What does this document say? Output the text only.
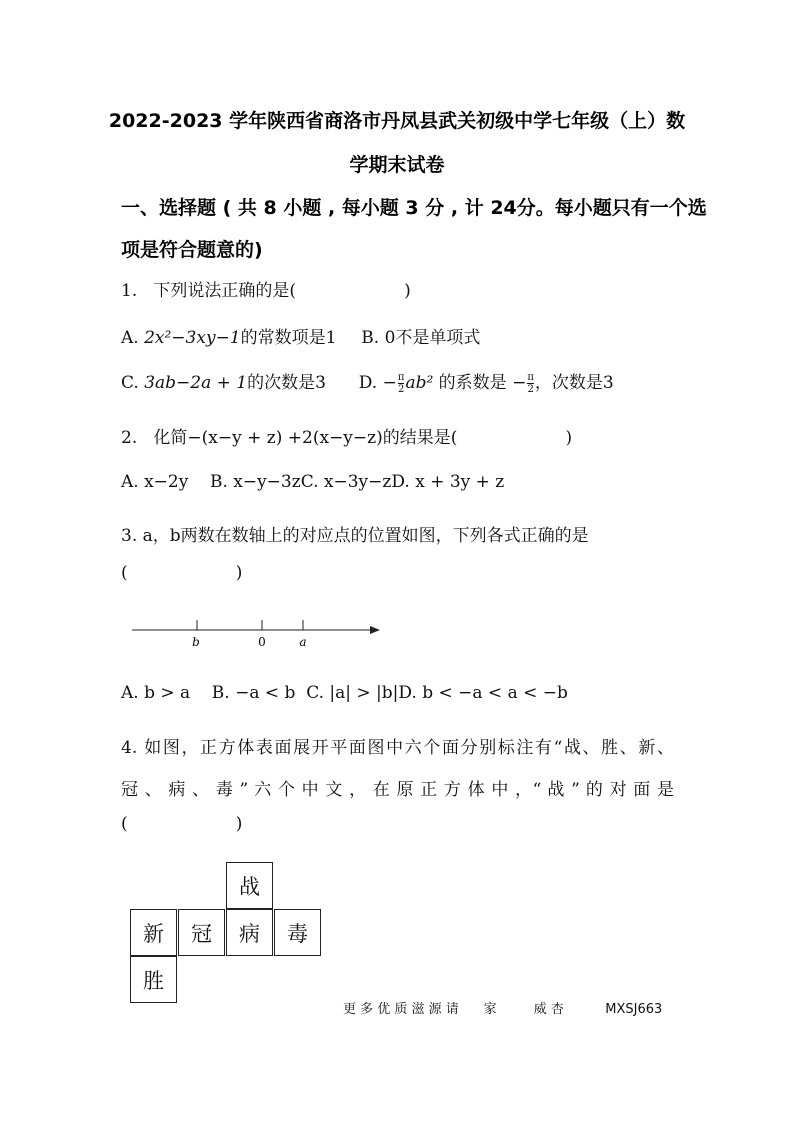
2022-2023 学年陕西省商洛市丹凤县武关初级中学七年级（上）数
学期末试卷
一、选择题 ( 共 8 小题 , 每小题 3 分 , 计 24分。每小题只有一个选
项是符合题意的)
1.   下列说法正确的是(                    )
A. 2x²−3xy−1的常数项是1 B. 0不是单项式
C. 3ab−2a + 1的次数是3 D. − $\frac{\pi}{2} ab^2$ 的系数是 − $\frac{\pi}{2}$ ，次数是3
2.   化简−(x−y + z) +2(x−y−z)的结果是(                    )
A. x−2y    B. x−y−3zC. x−3y−zD. x + 3y + z
3. a，b两数在数轴上的对应点的位置如图，下列各式正确的是
(                    )
b	0	a
A. b > a    B. −a < b  C. |a| > |b|D. b < −a < a < −b
4. 如图，正方体表面展开平面图中六个面分别标注有“战、胜、新、
冠 、 病 、 毒 ” 六 个 中 文 ， 在 原 正 方 体 中 ，“ 战 ” 的 对 面 是
(                    )
战
新	冠	病	毒
胜
更 多 优 质 滋 源 请      家         威 杏          MXSJ663
